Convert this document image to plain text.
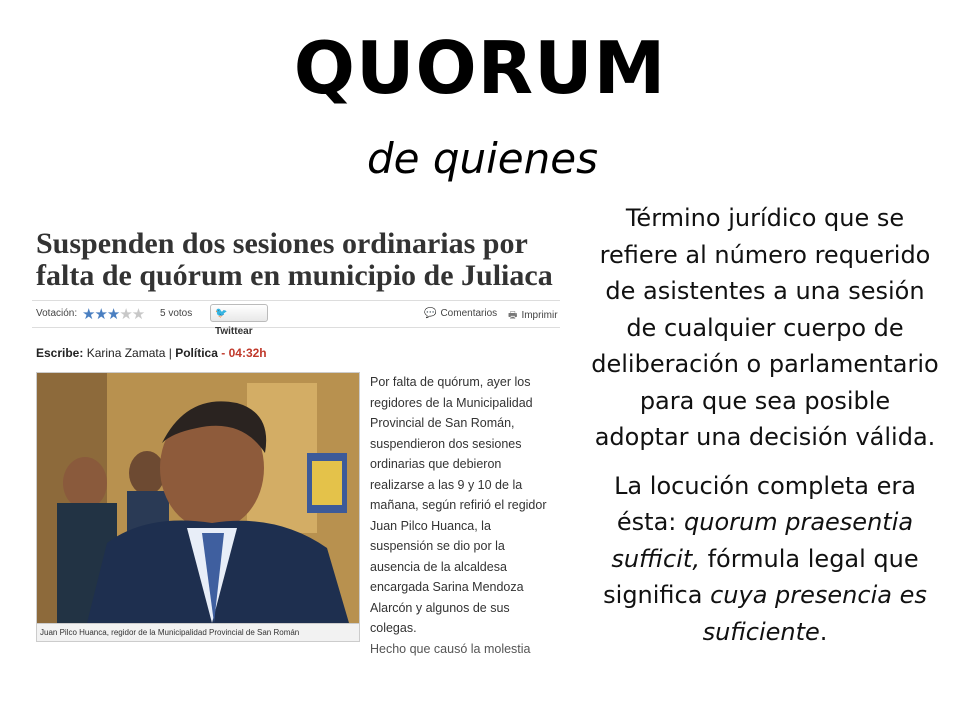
QUORUM
de quienes
Suspenden dos sesiones ordinarias por falta de quórum en municipio de Juliaca
Votación: ★★★★★ 5 votos	🐦Twittear
💬 Comentarios 🖶 Imprimir
Escribe: Karina Zamata | Política - 04:32h
Juan Pilco Huanca, regidor de la Municipalidad Provincial de San Román
Por falta de quórum, ayer los regidores de la Municipalidad Provincial de San Román, suspendieron dos sesiones ordinarias que debieron realizarse a las 9 y 10 de la mañana, según refirió el regidor Juan Pilco Huanca, la suspensión se dio por la ausencia de la alcaldesa encargada Sarina Mendoza Alarcón y algunos de sus colegas.
Hecho que causó la molestia

Término jurídico que se refiere al número requerido de asistentes a una sesión de cualquier cuerpo de deliberación o parlamentario para que sea posible adoptar una decisión válida.

La locución completa era ésta: quorum praesentia sufficit, fórmula legal que significa cuya presencia es suficiente.
